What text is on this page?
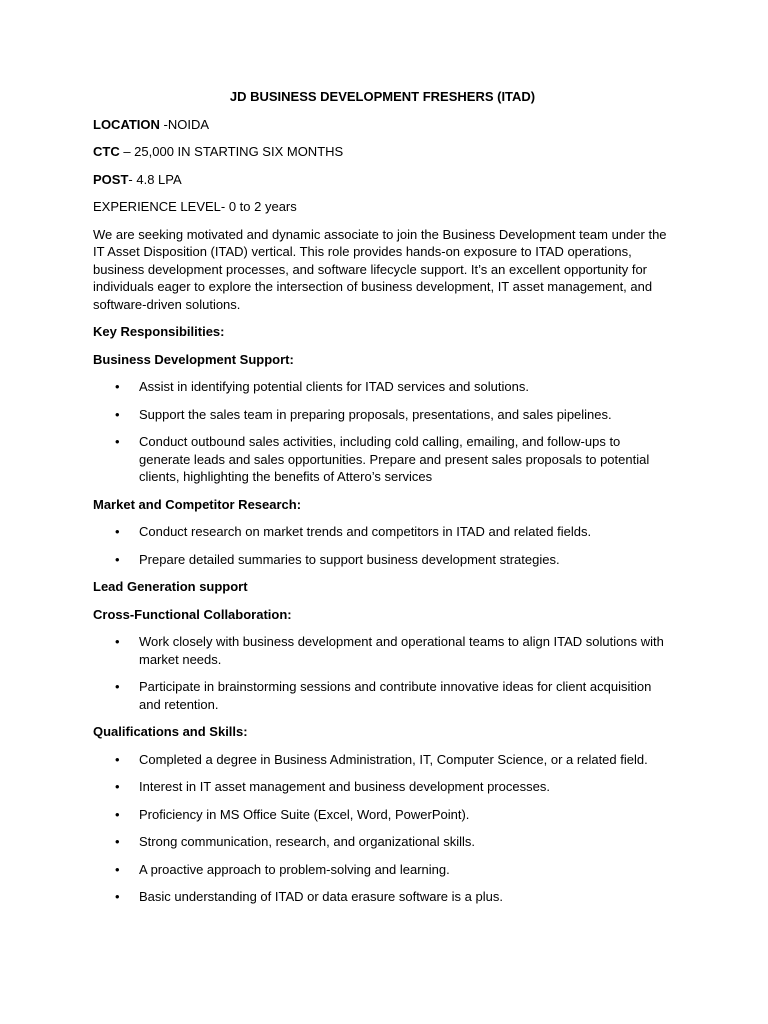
JD BUSINESS DEVELOPMENT FRESHERS (ITAD)

LOCATION -NOIDA

CTC – 25,000 IN STARTING SIX MONTHS

POST- 4.8 LPA

EXPERIENCE LEVEL- 0 to 2 years

We are seeking motivated and dynamic associate to join the Business Development team under the IT Asset Disposition (ITAD) vertical. This role provides hands-on exposure to ITAD operations, business development processes, and software lifecycle support. It’s an excellent opportunity for individuals eager to explore the intersection of business development, IT asset management, and software-driven solutions.

Key Responsibilities:
Business Development Support:
• Assist in identifying potential clients for ITAD services and solutions.
• Support the sales team in preparing proposals, presentations, and sales pipelines.
• Conduct outbound sales activities, including cold calling, emailing, and follow-ups to generate leads and sales opportunities. Prepare and present sales proposals to potential clients, highlighting the benefits of Attero’s services
Market and Competitor Research:
• Conduct research on market trends and competitors in ITAD and related fields.
• Prepare detailed summaries to support business development strategies.
Lead Generation support
Cross-Functional Collaboration:
• Work closely with business development and operational teams to align ITAD solutions with market needs.
• Participate in brainstorming sessions and contribute innovative ideas for client acquisition and retention.
Qualifications and Skills:
• Completed a degree in Business Administration, IT, Computer Science, or a related field.
• Interest in IT asset management and business development processes.
• Proficiency in MS Office Suite (Excel, Word, PowerPoint).
• Strong communication, research, and organizational skills.
• A proactive approach to problem-solving and learning.
• Basic understanding of ITAD or data erasure software is a plus.
